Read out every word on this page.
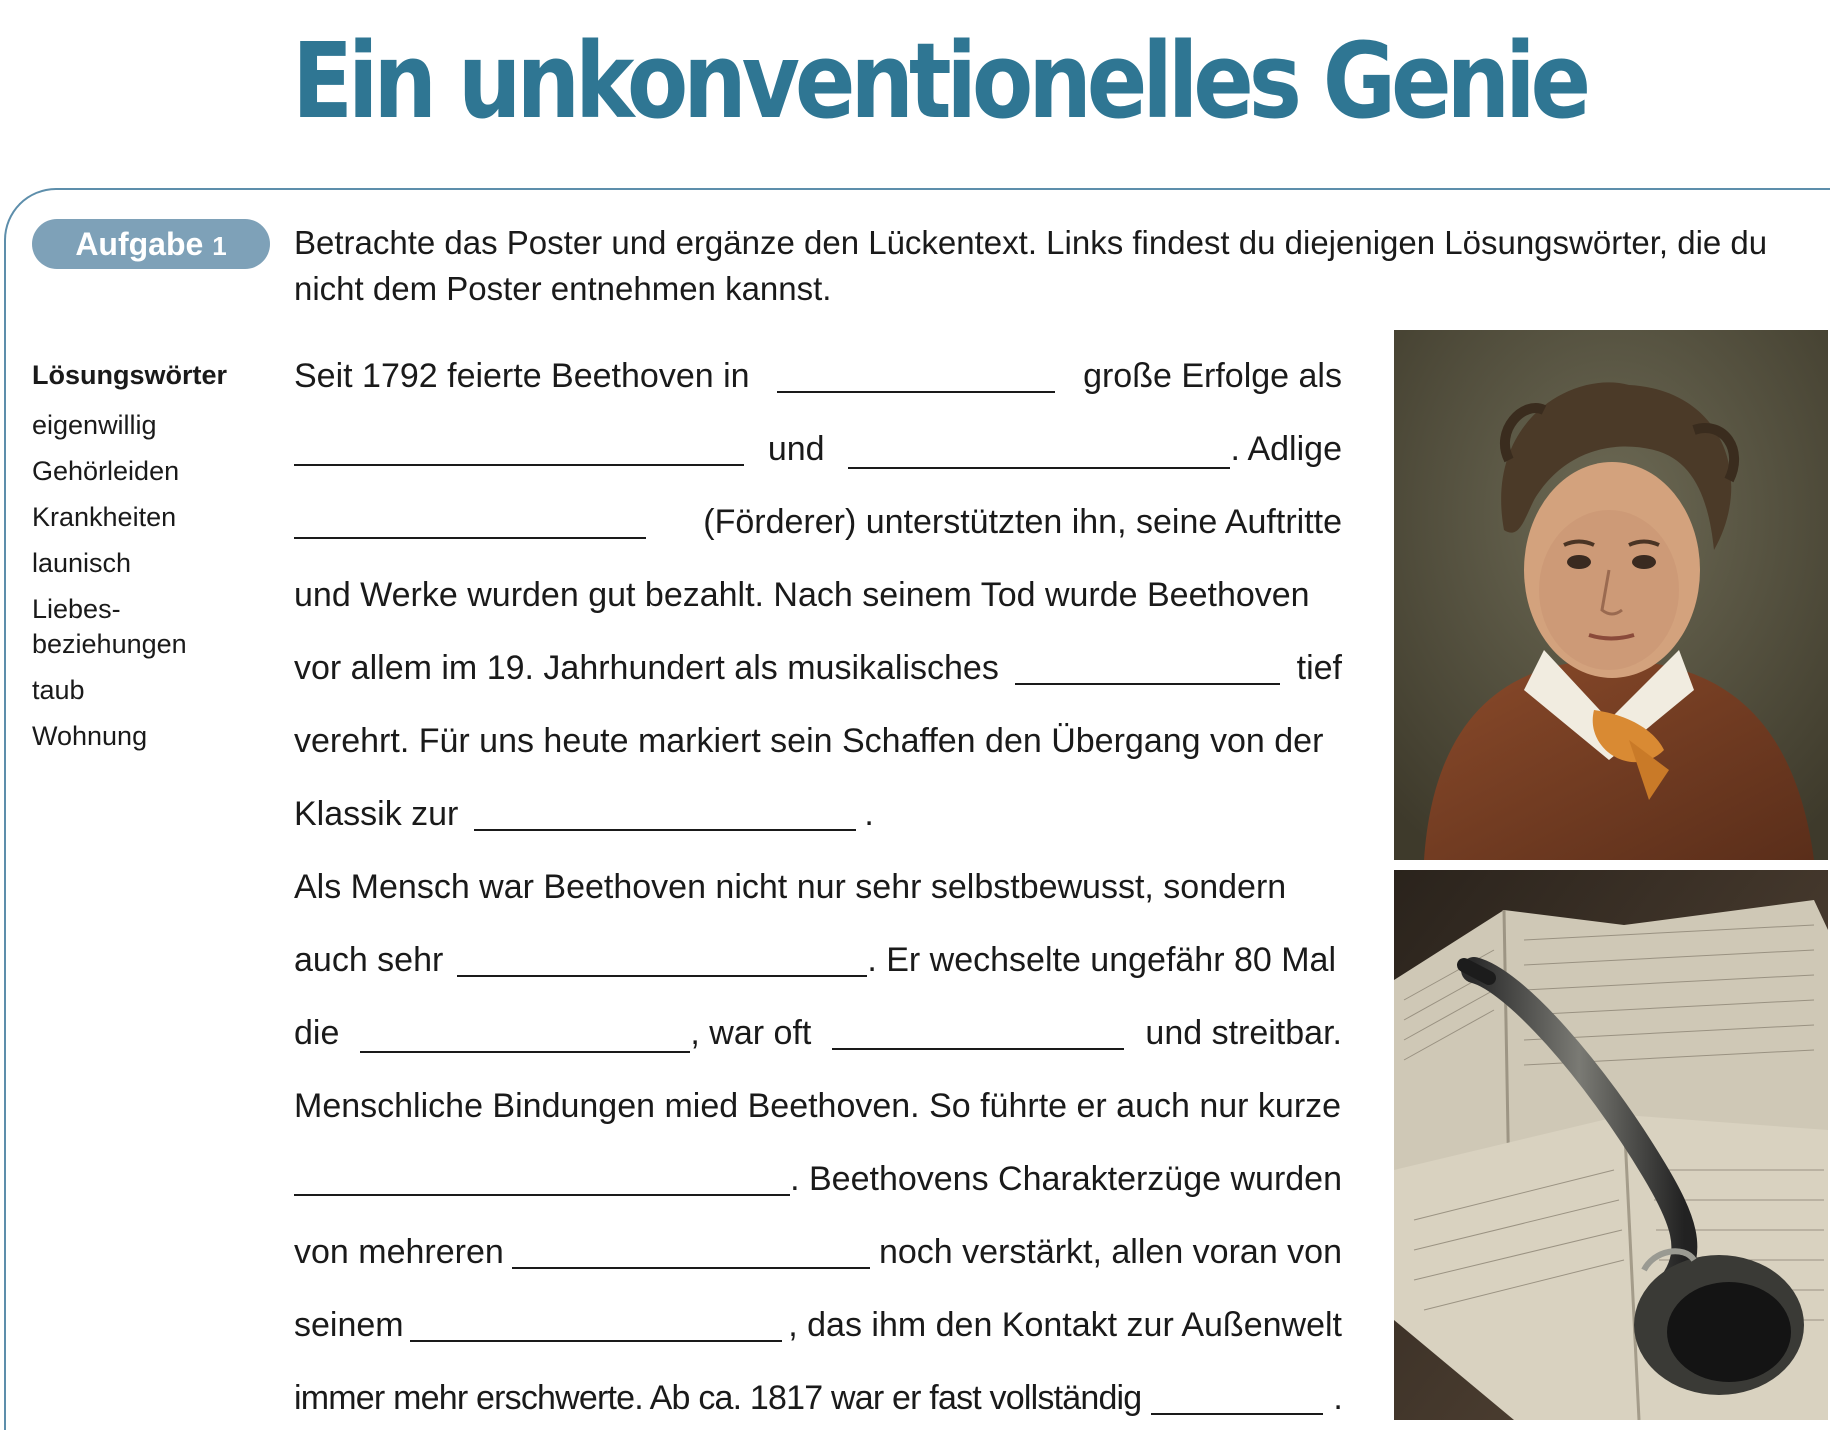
Ein unkonventionelles Genie
Aufgabe 1	Betrachte das Poster und ergänze den Lückentext. Links findest du diejenigen Lösungswörter, die du nicht dem Poster entnehmen kannst.
Lösungswörter
eigenwillig
Gehörleiden
Krankheiten
launisch
Liebes-
beziehungen
taub
Wohnung
Seit 1792 feierte Beethoven in	große Erfolge als
und	. Adlige
(Förderer) unterstützten ihn, seine Auftritte
und Werke wurden gut bezahlt. Nach seinem Tod wurde Beethoven
vor allem im 19. Jahrhundert als musikalisches	tief
verehrt. Für uns heute markiert sein Schaffen den Übergang von der
Klassik zur	.
Als Mensch war Beethoven nicht nur sehr selbstbewusst, sondern
auch sehr	. Er wechselte ungefähr 80 Mal
die	, war oft	und streitbar.
Menschliche Bindungen mied Beethoven. So führte er auch nur kurze
. Beethovens Charakterzüge wurden
von mehreren	noch verstärkt, allen voran von
seinem	, das ihm den Kontakt zur Außenwelt
immer mehr erschwerte. Ab ca. 1817 war er fast vollständig	.
